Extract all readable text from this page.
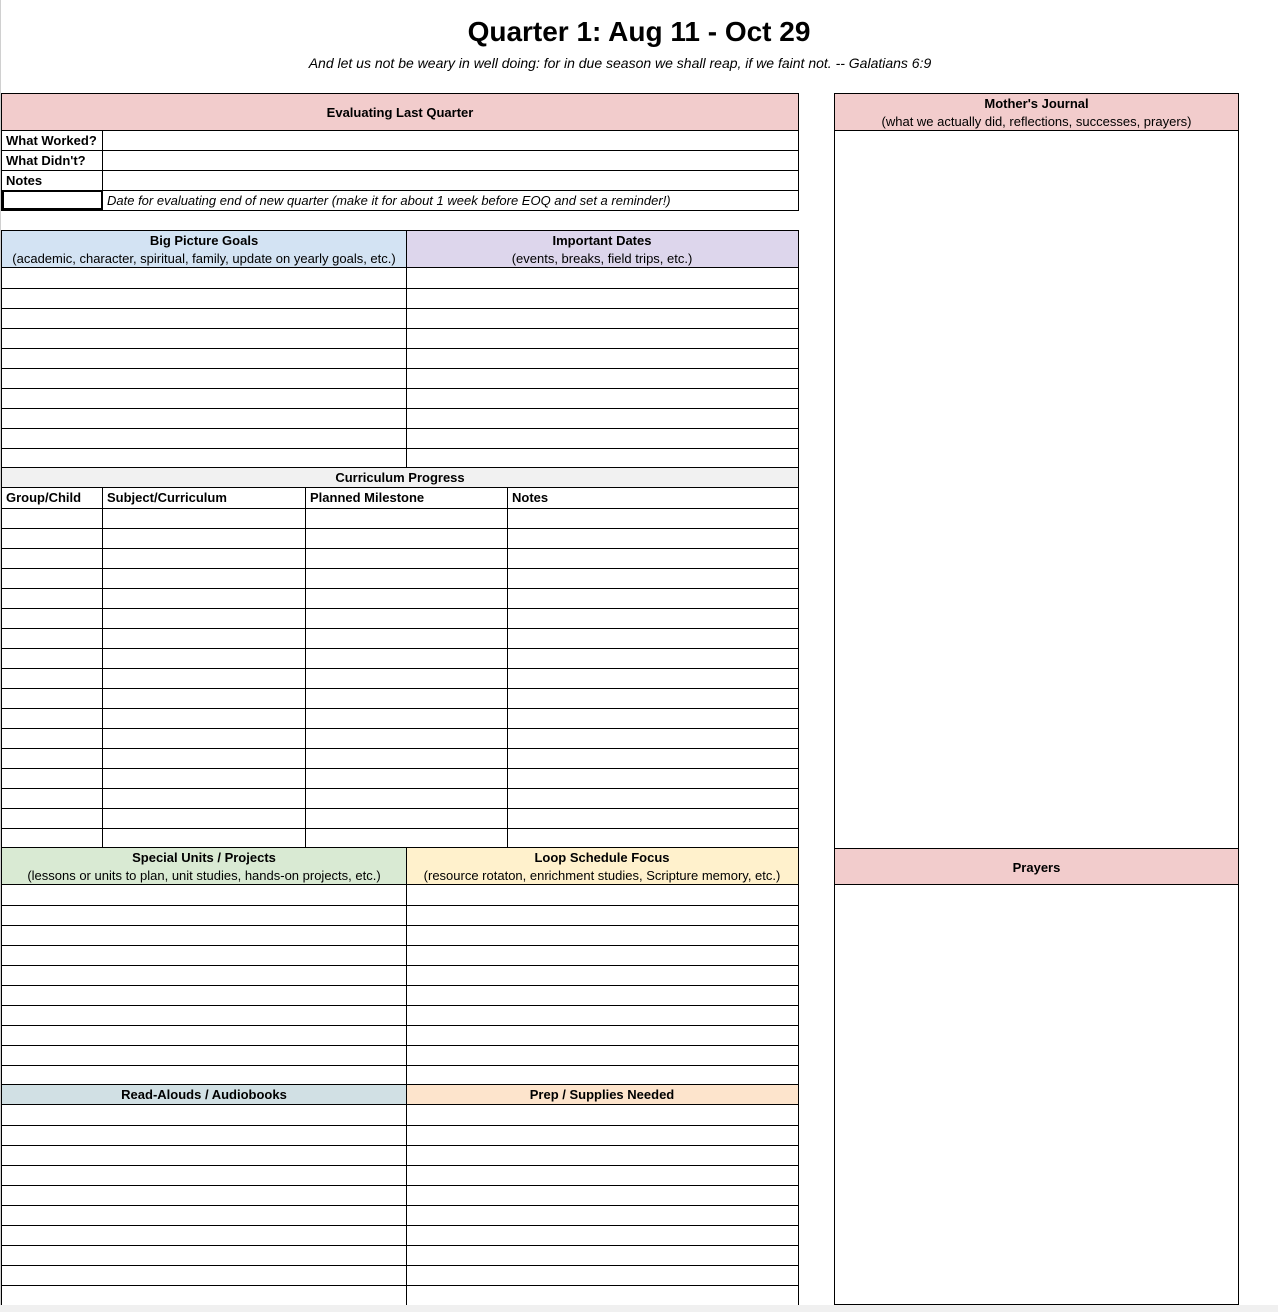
Quarter 1: Aug 11 - Oct 29
And let us not be weary in well doing: for in due season we shall reap, if we faint not. -- Galatians 6:9
Evaluating Last Quarter
What Worked?
What Didn't?
Notes
Date for evaluating end of new quarter (make it for about 1 week before EOQ and set a reminder!)
Big Picture Goals
(academic, character, spiritual, family, update on yearly goals, etc.)
Important Dates
(events, breaks, field trips, etc.)
Curriculum Progress
Group/Child	Subject/Curriculum	Planned Milestone	Notes
Special Units / Projects
(lessons or units to plan, unit studies, hands-on projects, etc.)
Loop Schedule Focus
(resource rotaton, enrichment studies, Scripture memory, etc.)
Read-Alouds / Audiobooks	Prep / Supplies Needed
Mother's Journal
(what we actually did, reflections, successes, prayers)
Prayers
